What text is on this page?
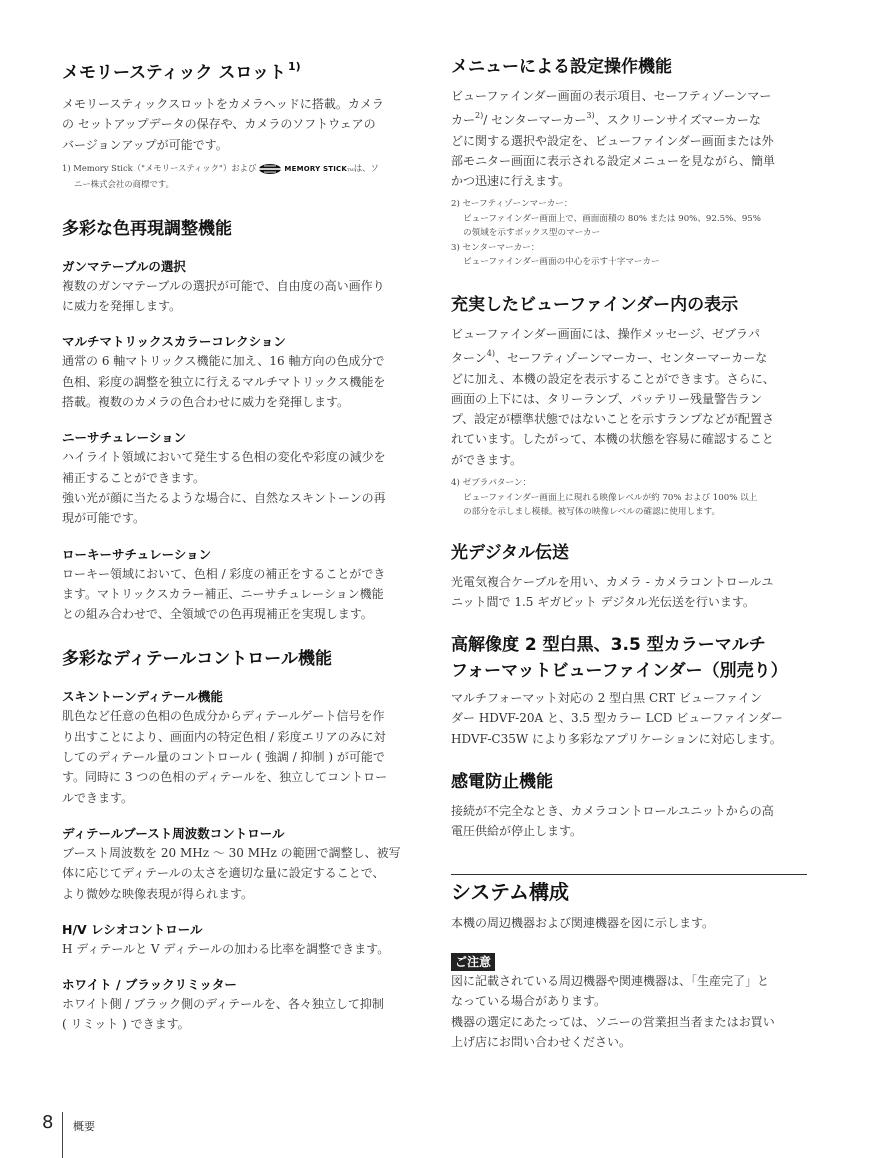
メモリースティック スロット $^{1)}$

メモリースティックスロットをカメラヘッドに搭載。カメラ
の セットアップデータの保存や、カメラのソフトウェアの
バージョンアップが可能です。

1) Memory Stick（"メモリースティック"）および	MEMORY STICKTMは、ソ
ニー株式会社の商標です。

多彩な色再現調整機能
ガンマテーブルの選択

複数のガンマテーブルの選択が可能で、自由度の高い画作り
に威力を発揮します。

マルチマトリックスカラーコレクション

通常の 6 軸マトリックス機能に加え、16 軸方向の色成分で
色相、彩度の調整を独立に行えるマルチマトリックス機能を
搭載。複数のカメラの色合わせに威力を発揮します。

ニーサチュレーション

ハイライト領域において発生する色相の変化や彩度の減少を
補正することができます。
強い光が顔に当たるような場合に、自然なスキントーンの再
現が可能です。

ローキーサチュレーション

ローキー領域において、色相 / 彩度の補正をすることができ
ます。マトリックスカラー補正、ニーサチュレーション機能
との組み合わせで、全領域での色再現補正を実現します。

多彩なディテールコントロール機能
スキントーンディテール機能

肌色など任意の色相の色成分からディテールゲート信号を作
り出すことにより、画面内の特定色相 / 彩度エリアのみに対
してのディテール量のコントロール ( 強調 / 抑制 ) が可能で
す。同時に 3 つの色相のディテールを、独立してコントロー
ルできます。

ディテールブースト周波数コントロール

ブースト周波数を 20 MHz ～ 30 MHz の範囲で調整し、被写
体に応じてディテールの太さを適切な量に設定することで、
より微妙な映像表現が得られます。

H/V レシオコントロール

H ディテールと V ディテールの加わる比率を調整できます。

ホワイト / ブラックリミッター

ホワイト側 / ブラック側のディテールを、各々独立して抑制
( リミット ) できます。

メニューによる設定操作機能

ビューファインダー画面の表示項目、セーフティゾーンマー
カー$^{2)}$/ センターマーカー$^{3)}$、スクリーンサイズマーカーな
どに関する選択や設定を、ビューファインダー画面または外
部モニター画面に表示される設定メニューを見ながら、簡単
かつ迅速に行えます。

2) セーフティゾーンマーカー：
ビューファインダー画面上で、画面面積の 80% または 90%、92.5%、95%
の領域を示すボックス型のマーカー
3) センターマーカー：
ビューファインダー画面の中心を示す十字マーカー
充実したビューファインダー内の表示

ビューファインダー画面には、操作メッセージ、ゼブラパ
ターン$^{4)}$、セーフティゾーンマーカー、センターマーカーな
どに加え、本機の設定を表示することができます。さらに、
画面の上下には、タリーランプ、バッテリー残量警告ラン
プ、設定が標準状態ではないことを示すランプなどが配置さ
れています。したがって、本機の状態を容易に確認すること
ができます。

4) ゼブラパターン：
ビューファインダー画面上に現れる映像レベルが約 70% および 100% 以上
の部分を示しまし模様。被写体の映像レベルの確認に使用します。
光デジタル伝送

光電気複合ケーブルを用い、カメラ - カメラコントロールユ
ニット間で 1.5 ギガビット デジタル光伝送を行います。

高解像度 2 型白黒、3.5 型カラーマルチ
フォーマットビューファインダー（別売り）

マルチフォーマット対応の 2 型白黒 CRT ビューファイン
ダー HDVF-20A と、3.5 型カラー LCD ビューファインダー
HDVF-C35W により多彩なアプリケーションに対応します。

感電防止機能

接続が不完全なとき、カメラコントロールユニットからの高
電圧供給が停止します。

システム構成

本機の周辺機器および関連機器を図に示します。

ご注意

図に記載されている周辺機器や関連機器は、「生産完了」と
なっている場合があります。
機器の選定にあたっては、ソニーの営業担当者またはお買い
上げ店にお問い合わせください。

8 概要
